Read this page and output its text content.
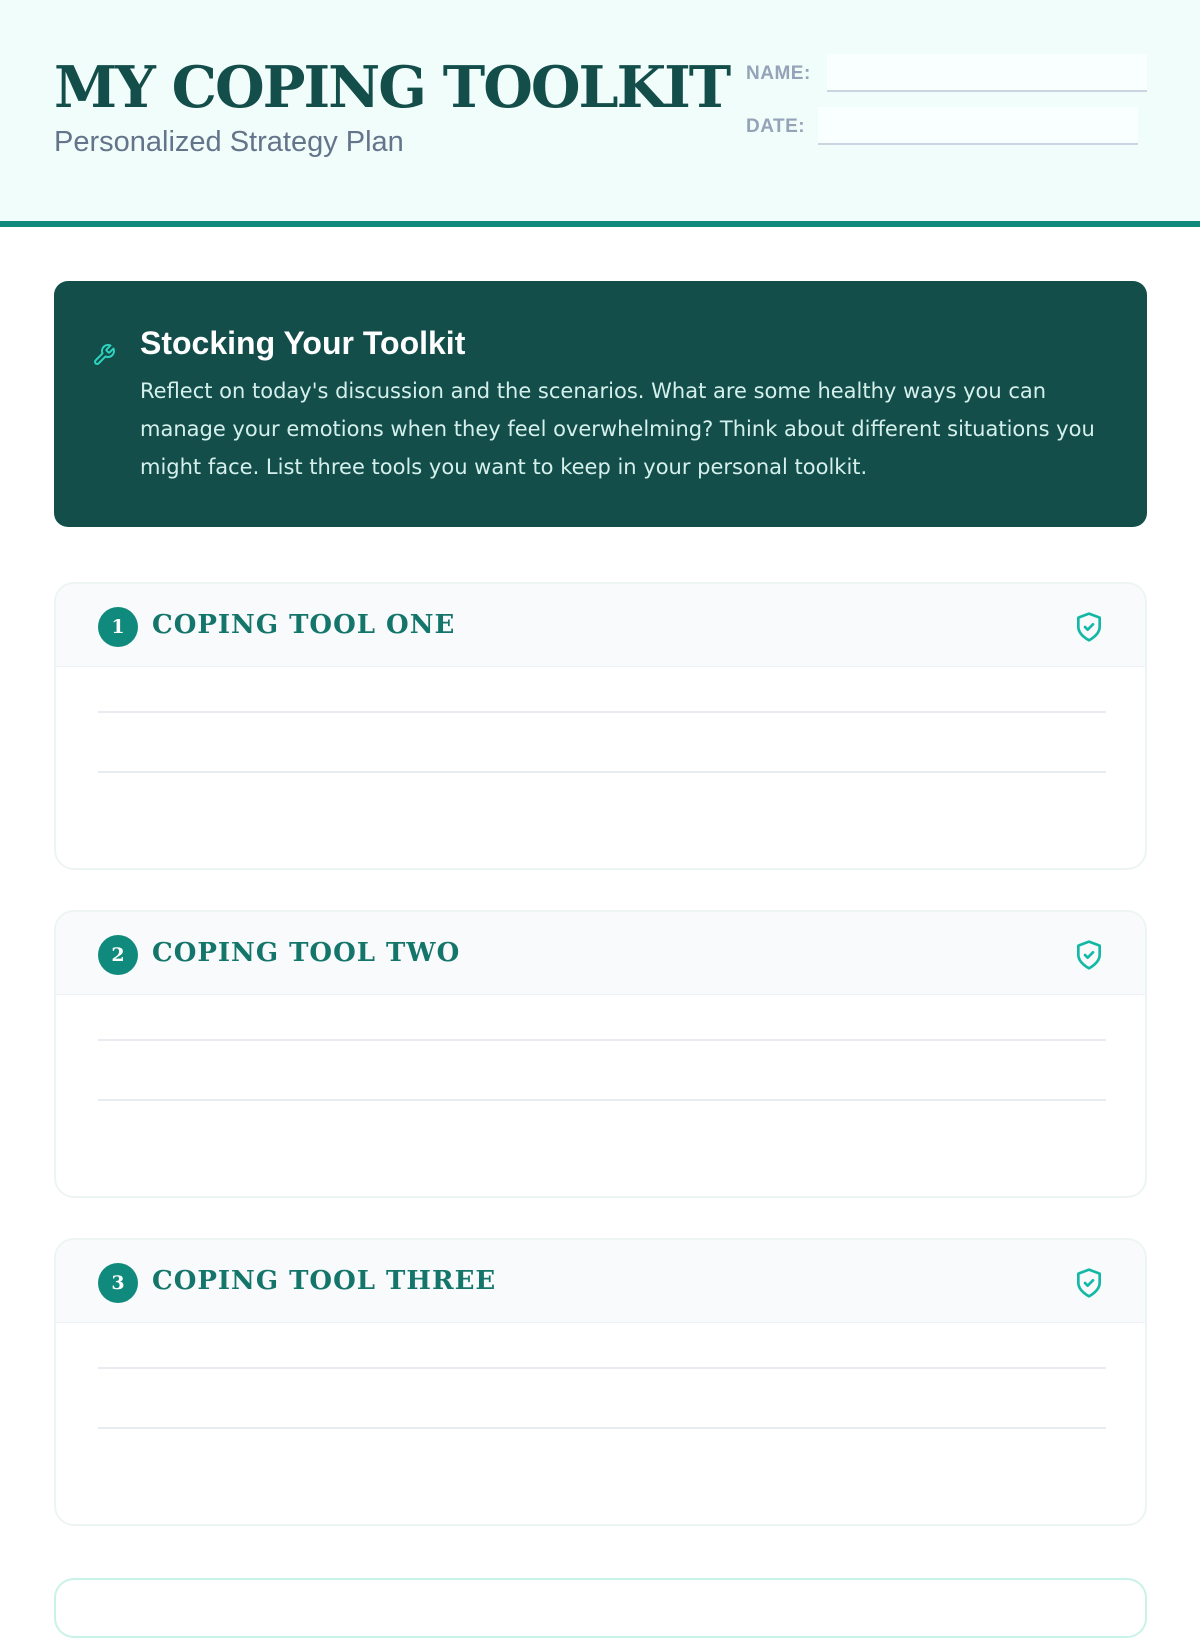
MY COPING TOOLKIT
Personalized Strategy Plan
NAME:
DATE:
Stocking Your Toolkit
Reflect on today's discussion and the scenarios. What are some healthy ways you can manage your emotions when they feel overwhelming? Think about different situations you might face. List three tools you want to keep in your personal toolkit.
1	COPING TOOL ONE
2	COPING TOOL TWO
3	COPING TOOL THREE
